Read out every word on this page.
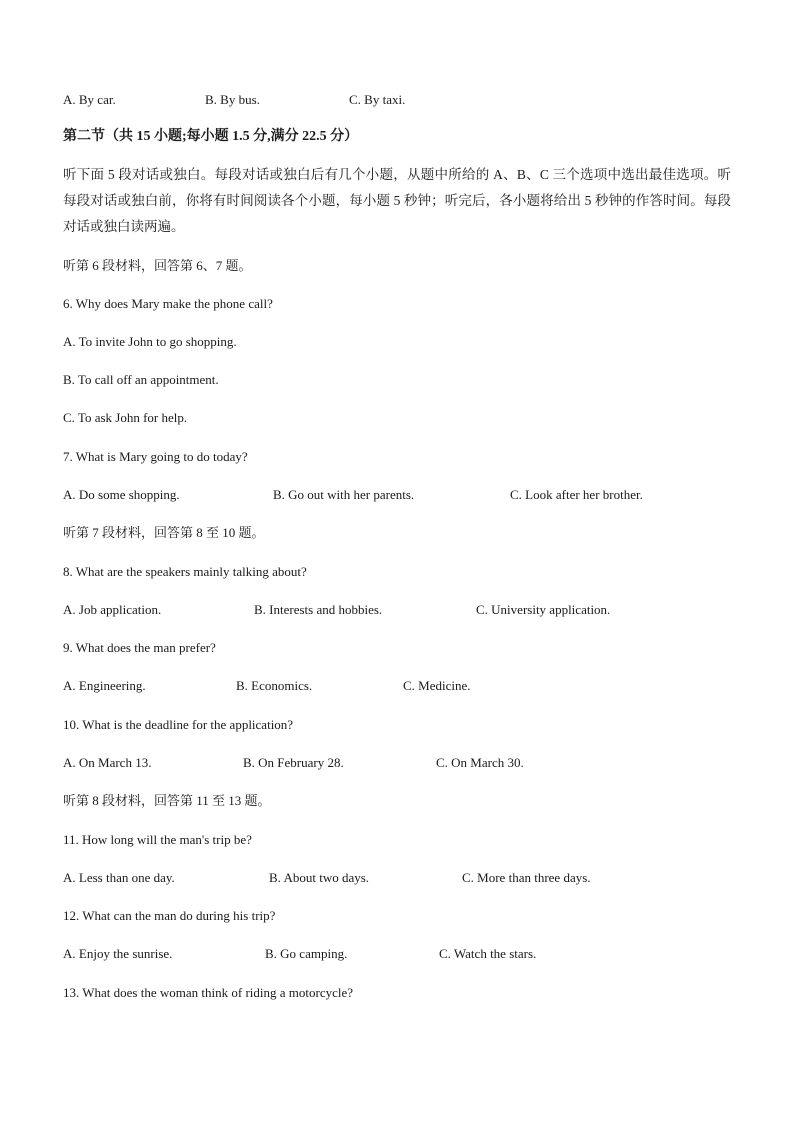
A. By car.	B. By bus.	C. By taxi.
第二节（共 15 小题;每小题 1.5 分,满分 22.5 分）
听下面 5 段对话或独白。每段对话或独白后有几个小题，从题中所给的 A、B、C 三个选项中选出最佳选项。听每段对话或独白前，你将有时间阅读各个小题，每小题 5 秒钟；听完后，各小题将给出 5 秒钟的作答时间。每段对话或独白读两遍。
听第 6 段材料，回答第 6、7 题。
6. Why does Mary make the phone call?
A. To invite John to go shopping.
B. To call off an appointment.
C. To ask John for help.
7. What is Mary going to do today?
A. Do some shopping.	B. Go out with her parents.	C. Look after her brother.
听第 7 段材料，回答第 8 至 10 题。
8. What are the speakers mainly talking about?
A. Job application.	B. Interests and hobbies.	C. University application.
9. What does the man prefer?
A. Engineering.	B. Economics.	C. Medicine.
10. What is the deadline for the application?
A. On March 13.	B. On February 28.	C. On March 30.
听第 8 段材料，回答第 11 至 13 题。
11. How long will the man's trip be?
A. Less than one day.	B. About two days.	C. More than three days.
12. What can the man do during his trip?
A. Enjoy the sunrise.	B. Go camping.	C. Watch the stars.
13. What does the woman think of riding a motorcycle?
